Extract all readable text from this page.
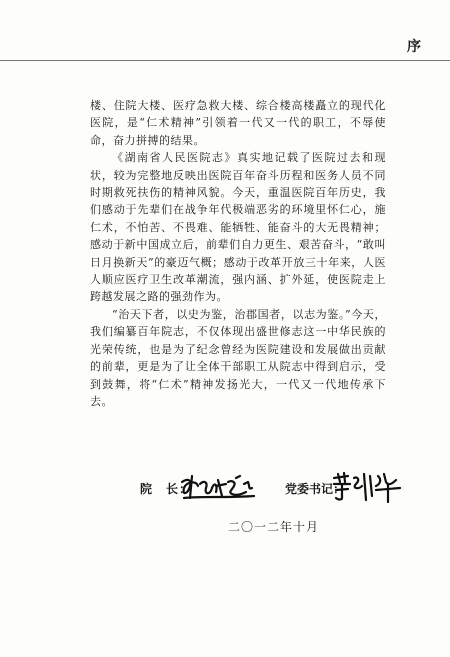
序

楼、住院大楼、医疗急救大楼、综合楼高楼矗立的现代化医院，是“仁术精神”引领着一代又一代的职工，不辱使命，奋力拼搏的结果。

《湖南省人民医院志》真实地记载了医院过去和现状，较为完整地反映出医院百年奋斗历程和医务人员不同时期救死扶伤的精神风貌。今天，重温医院百年历史，我们感动于先辈们在战争年代极端恶劣的环境里怀仁心，施仁术，不怕苦、不畏难、能牺牲、能奋斗的大无畏精神；感动于新中国成立后，前辈们自力更生、艰苦奋斗，“敢叫日月换新天”的豪迈气概；感动于改革开放三十年来，人医人顺应医疗卫生改革潮流，强内涵、扩外延，使医院走上跨越发展之路的强劲作为。

“治天下者，以史为鉴，治郡国者，以志为鉴。”今天，我们编纂百年院志，不仅体现出盛世修志这一中华民族的光荣传统，也是为了纪念曾经为医院建设和发展做出贡献的前辈，更是为了让全体干部职工从院志中得到启示，受到鼓舞，将“仁术”精神发扬光大，一代又一代地传承下去。

院　长：	党委书记：
二〇一二年十月
